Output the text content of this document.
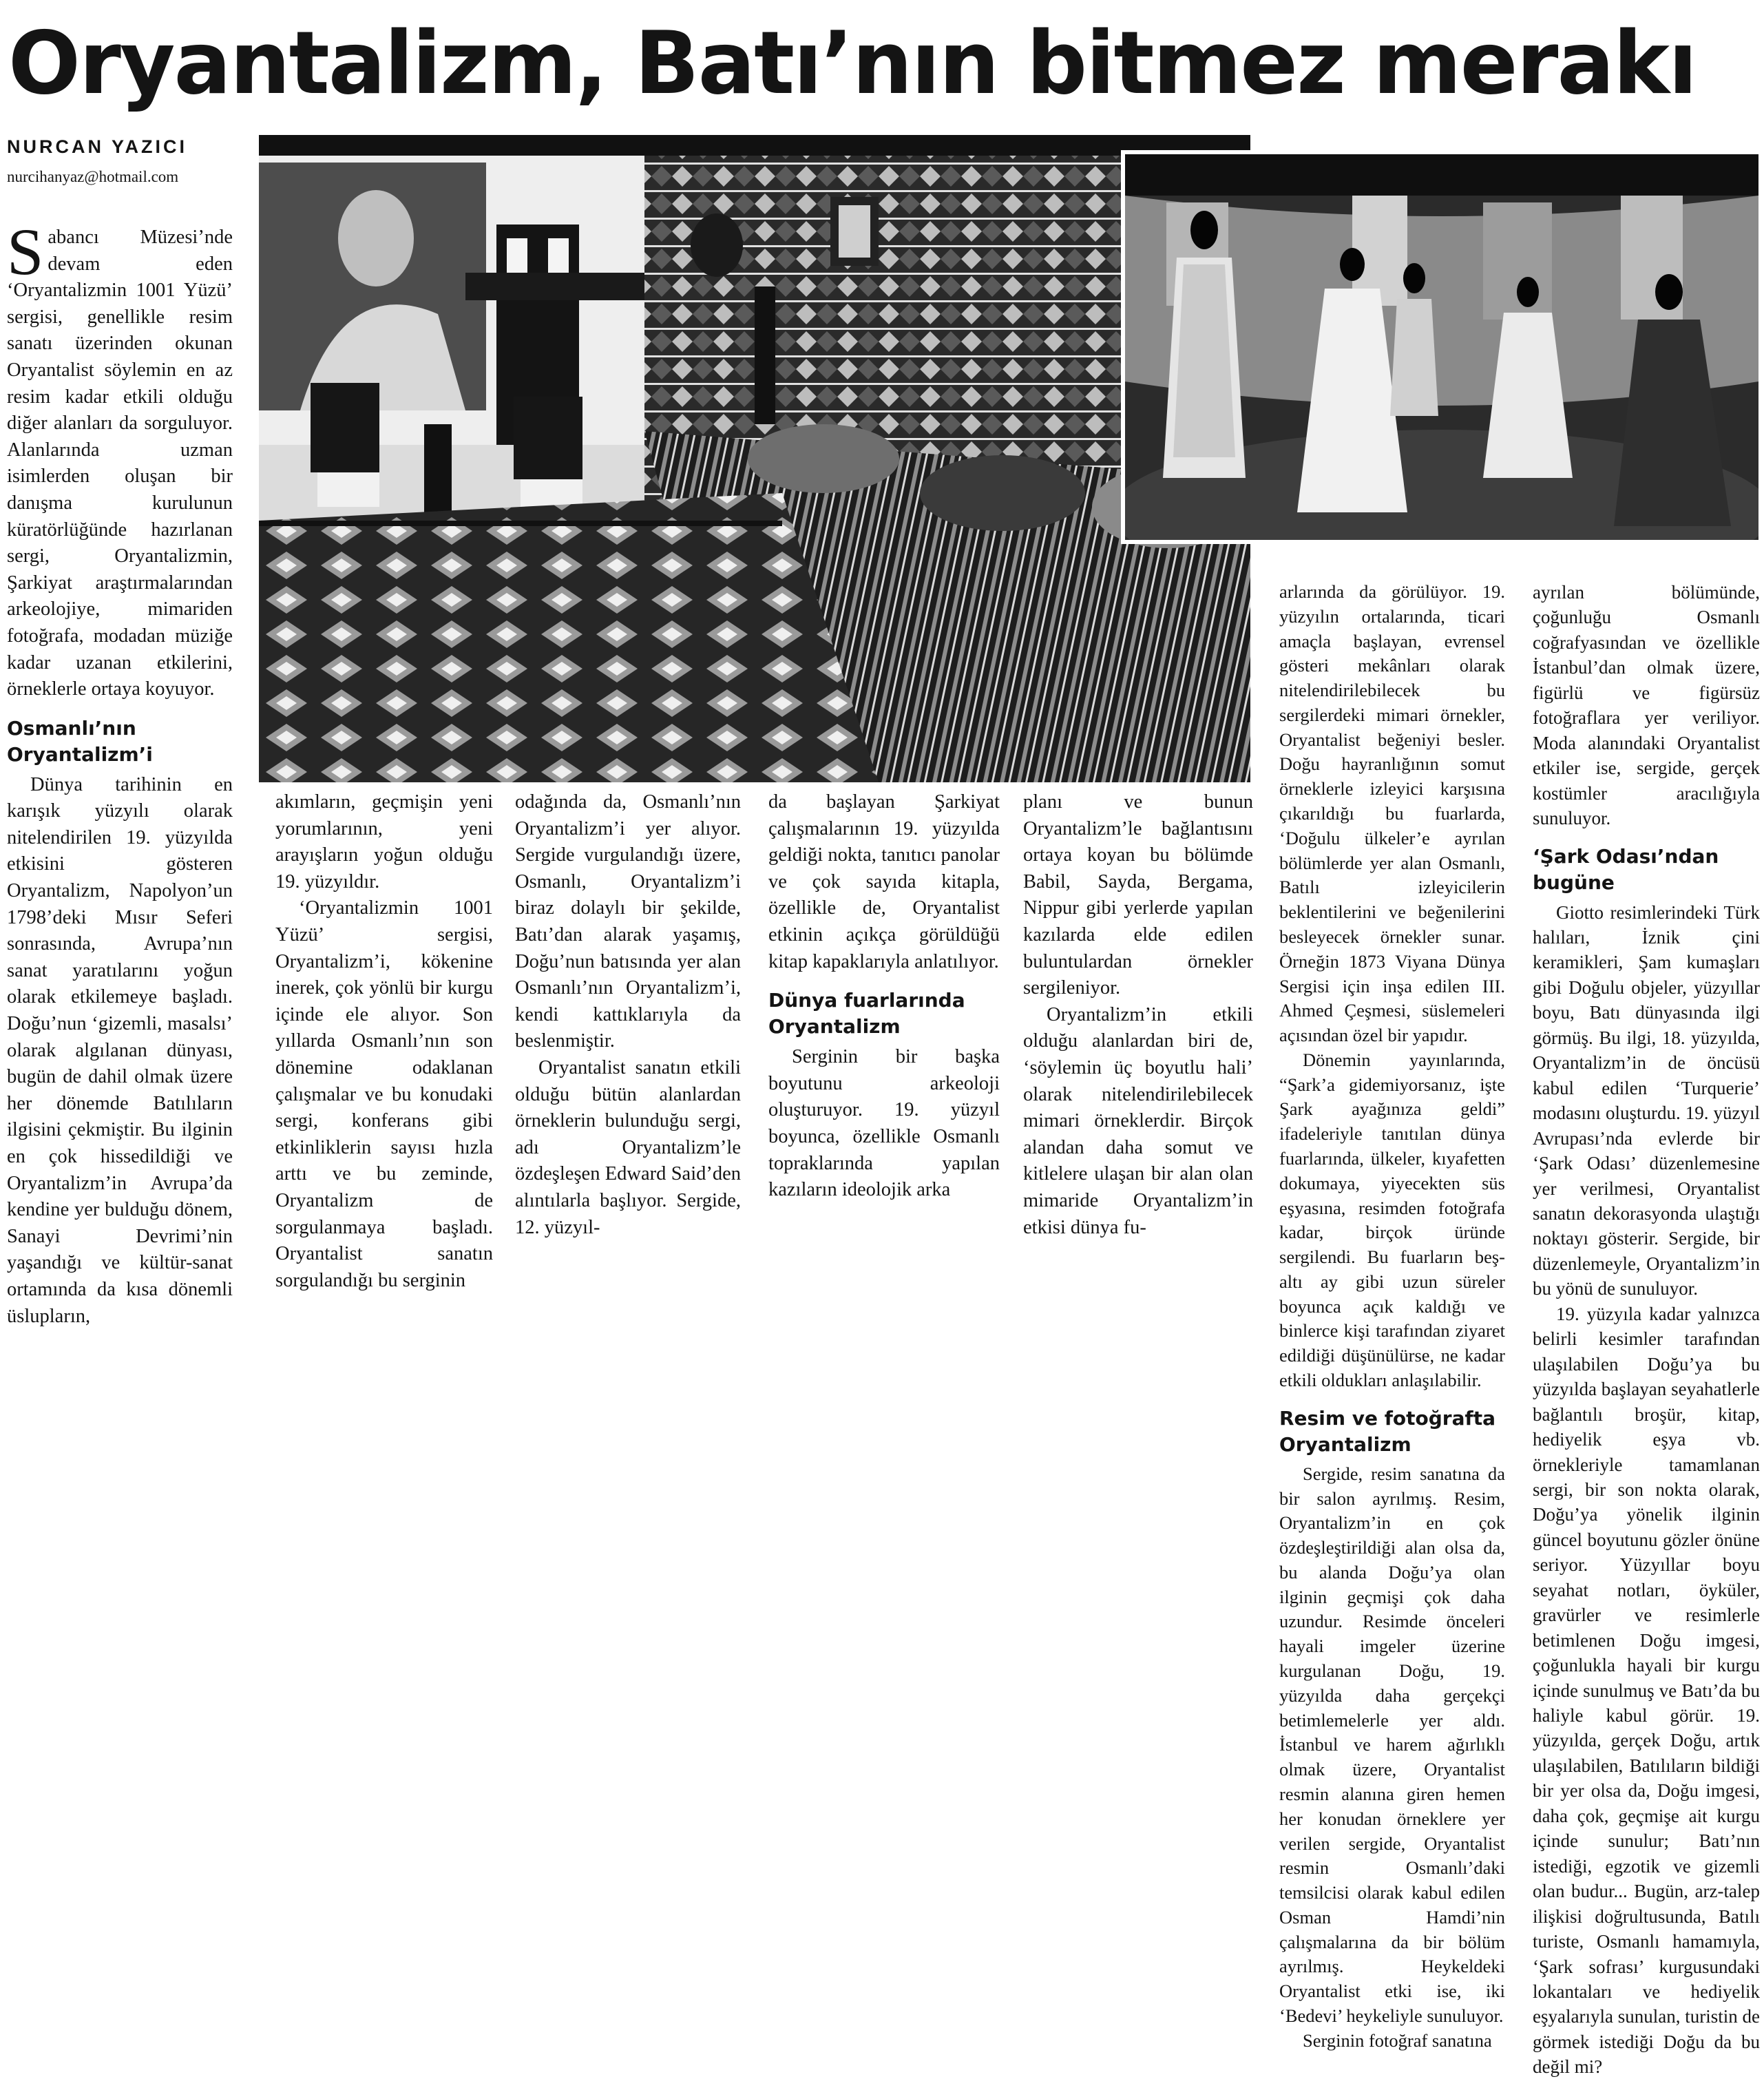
Oryantalizm, Batı’nın bitmez merakı
NURCAN YAZICI
nurcihanyaz@hotmail.com

Sabancı Müzesi’nde devam eden ‘Oryantalizmin 1001 Yüzü’ sergisi, genellikle resim sanatı üzerinden okunan Oryantalist söylemin en az resim kadar etkili olduğu diğer alanları da sorguluyor. Alanlarında uzman isimlerden oluşan bir danışma kurulunun küratörlüğünde hazırlanan sergi, Oryantalizmin, Şarkiyat araştırmalarından arkeolojiye, mimariden fotoğrafa, modadan müziğe kadar uzanan etkilerini, örneklerle ortaya koyuyor.

Osmanlı’nın Oryantalizm’i

Dünya tarihinin en karışık yüzyılı olarak nitelendirilen 19. yüzyılda etkisini gösteren Oryantalizm, Napolyon’un 1798’deki Mısır Seferi sonrasında, Avrupa’nın sanat yaratılarını yoğun olarak etkilemeye başladı. Doğu’nun ‘gizemli, masalsı’ olarak algılanan dünyası, bugün de dahil olmak üzere her dönemde Batılıların ilgisini çekmiştir. Bu ilginin en çok hissedildiği ve Oryantalizm’in Avrupa’da kendine yer bulduğu dönem, Sanayi Devrimi’nin yaşandığı ve kültür-sanat ortamında da kısa dönemli üslupların,

akımların, geçmişin yeni yorumlarının, yeni arayışların yoğun olduğu 19. yüzyıldır.

‘Oryantalizmin 1001 Yüzü’ sergisi, Oryantalizm’i, kökenine inerek, çok yönlü bir kurgu içinde ele alıyor. Son yıllarda Osmanlı’nın son dönemine odaklanan çalışmalar ve bu konudaki sergi, konferans gibi etkinliklerin sayısı hızla arttı ve bu zeminde, Oryantalizm de sorgulanmaya başladı. Oryantalist sanatın sorgulandığı bu serginin

odağında da, Osmanlı’nın Oryantalizm’i yer alıyor. Sergide vurgulandığı üzere, Osmanlı, Oryantalizm’i biraz dolaylı bir şekilde, Batı’dan alarak yaşamış, Doğu’nun batısında yer alan Osmanlı’nın Oryantalizm’i, kendi kattıklarıyla da beslenmiştir.

Oryantalist sanatın etkili olduğu bütün alanlardan örneklerin bulunduğu sergi, adı Oryantalizm’le özdeşleşen Edward Said’den alıntılarla başlıyor. Sergide, 12. yüzyıl-

da başlayan Şarkiyat çalışmalarının 19. yüzyılda geldiği nokta, tanıtıcı panolar ve çok sayıda kitapla, özellikle de, Oryantalist etkinin açıkça görüldüğü kitap kapaklarıyla anlatılıyor.

Dünya fuarlarında Oryantalizm

Serginin bir başka boyutunu arkeoloji oluşturuyor. 19. yüzyıl boyunca, özellikle Osmanlı topraklarında yapılan kazıların ideolojik arka

planı ve bunun Oryantalizm’le bağlantısını ortaya koyan bu bölümde Babil, Sayda, Bergama, Nippur gibi yerlerde yapılan kazılarda elde edilen buluntulardan örnekler sergileniyor.

Oryantalizm’in etkili olduğu alanlardan biri de, ‘söylemin üç boyutlu hali’ olarak nitelendirilebilecek mimari örneklerdir. Birçok alandan daha somut ve kitlelere ulaşan bir alan olan mimaride Oryantalizm’in etkisi dünya fu-

arlarında da görülüyor. 19. yüzyılın ortalarında, ticari amaçla başlayan, evrensel gösteri mekânları olarak nitelendirilebilecek bu sergilerdeki mimari örnekler, Oryantalist beğeniyi besler. Doğu hayranlığının somut örneklerle izleyici karşısına çıkarıldığı bu fuarlarda, ‘Doğulu ülkeler’e ayrılan bölümlerde yer alan Osmanlı, Batılı izleyicilerin beklentilerini ve beğenilerini besleyecek örnekler sunar. Örneğin 1873 Viyana Dünya Sergisi için inşa edilen III. Ahmed Çeşmesi, süslemeleri açısından özel bir yapıdır.

Dönemin yayınlarında, “Şark’a gidemiyorsanız, işte Şark ayağınıza geldi” ifadeleriyle tanıtılan dünya fuarlarında, ülkeler, kıyafetten dokumaya, yiyecekten süs eşyasına, resimden fotoğrafa kadar, birçok üründe sergilendi. Bu fuarların beş-altı ay gibi uzun süreler boyunca açık kaldığı ve binlerce kişi tarafından ziyaret edildiği düşünülürse, ne kadar etkili oldukları anlaşılabilir.

Resim ve fotoğrafta Oryantalizm

Sergide, resim sanatına da bir salon ayrılmış. Resim, Oryantalizm’in en çok özdeşleştirildiği alan olsa da, bu alanda Doğu’ya olan ilginin geçmişi çok daha uzundur. Resimde önceleri hayali imgeler üzerine kurgulanan Doğu, 19. yüzyılda daha gerçekçi betimlemelerle yer aldı. İstanbul ve harem ağırlıklı olmak üzere, Oryantalist resmin alanına giren hemen her konudan örneklere yer verilen sergide, Oryantalist resmin Osmanlı’daki temsilcisi olarak kabul edilen Osman Hamdi’nin çalışmalarına da bir bölüm ayrılmış. Heykeldeki Oryantalist etki ise, iki ‘Bedevi’ heykeliyle sunuluyor.

Serginin fotoğraf sanatına

ayrılan bölümünde, çoğunluğu Osmanlı coğrafyasından ve özellikle İstanbul’dan olmak üzere, figürlü ve figürsüz fotoğraflara yer veriliyor. Moda alanındaki Oryantalist etkiler ise, sergide, gerçek kostümler aracılığıyla sunuluyor.

‘Şark Odası’ndan bugüne

Giotto resimlerindeki Türk halıları, İznik çini keramikleri, Şam kumaşları gibi Doğulu objeler, yüzyıllar boyu, Batı dünyasında ilgi görmüş. Bu ilgi, 18. yüzyılda, Oryantalizm’in de öncüsü kabul edilen ‘Turquerie’ modasını oluşturdu. 19. yüzyıl Avrupası’nda evlerde bir ‘Şark Odası’ düzenlemesine yer verilmesi, Oryantalist sanatın dekorasyonda ulaştığı noktayı gösterir. Sergide, bir düzenlemeyle, Oryantalizm’in bu yönü de sunuluyor.

19. yüzyıla kadar yalnızca belirli kesimler tarafından ulaşılabilen Doğu’ya bu yüzyılda başlayan seyahatlerle bağlantılı broşür, kitap, hediyelik eşya vb. örnekleriyle tamamlanan sergi, bir son nokta olarak, Doğu’ya yönelik ilginin güncel boyutunu gözler önüne seriyor. Yüzyıllar boyu seyahat notları, öyküler, gravürler ve resimlerle betimlenen Doğu imgesi, çoğunlukla hayali bir kurgu içinde sunulmuş ve Batı’da bu haliyle kabul görür. 19. yüzyılda, gerçek Doğu, artık ulaşılabilen, Batılıların bildiği bir yer olsa da, Doğu imgesi, daha çok, geçmişe ait kurgu içinde sunulur; Batı’nın istediği, egzotik ve gizemli olan budur... Bugün, arz-talep ilişkisi doğrultusunda, Batılı turiste, Osmanlı hamamıyla, ‘Şark sofrası’ kurgusundaki lokantaları ve hediyelik eşyalarıyla sunulan, turistin de görmek istediği Doğu da bu değil mi?
